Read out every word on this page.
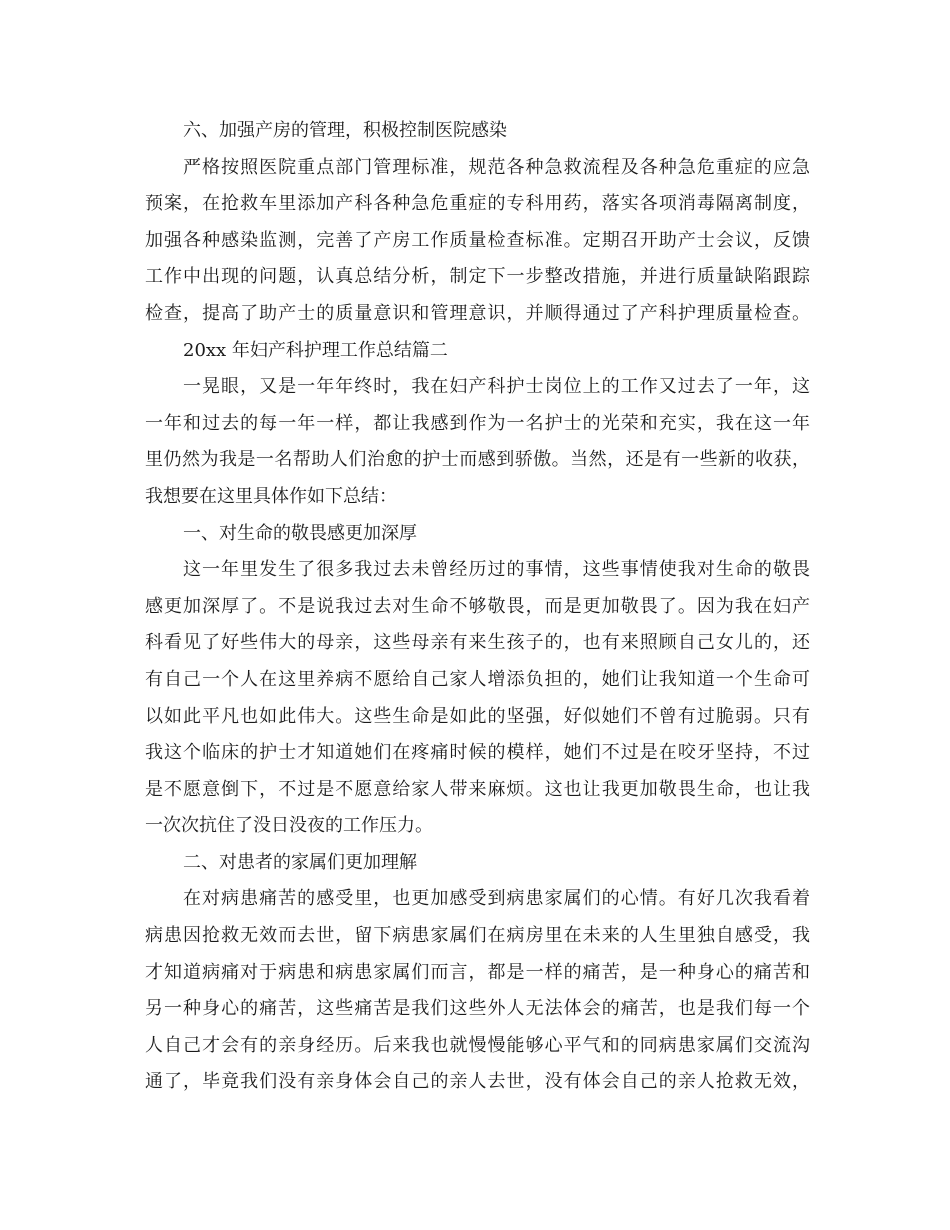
六、加强产房的管理，积极控制医院感染
严格按照医院重点部门管理标准，规范各种急救流程及各种急危重症的应急
预案，在抢救车里添加产科各种急危重症的专科用药，落实各项消毒隔离制度，
加强各种感染监测，完善了产房工作质量检查标准。定期召开助产士会议，反馈
工作中出现的问题，认真总结分析，制定下一步整改措施，并进行质量缺陷跟踪
检查，提高了助产士的质量意识和管理意识，并顺得通过了产科护理质量检查。
20xx 年妇产科护理工作总结篇二
一晃眼，又是一年年终时，我在妇产科护士岗位上的工作又过去了一年，这
一年和过去的每一年一样，都让我感到作为一名护士的光荣和充实，我在这一年
里仍然为我是一名帮助人们治愈的护士而感到骄傲。当然，还是有一些新的收获，
我想要在这里具体作如下总结：
一、对生命的敬畏感更加深厚
这一年里发生了很多我过去未曾经历过的事情，这些事情使我对生命的敬畏
感更加深厚了。不是说我过去对生命不够敬畏，而是更加敬畏了。因为我在妇产
科看见了好些伟大的母亲，这些母亲有来生孩子的，也有来照顾自己女儿的，还
有自己一个人在这里养病不愿给自己家人增添负担的，她们让我知道一个生命可
以如此平凡也如此伟大。这些生命是如此的坚强，好似她们不曾有过脆弱。只有
我这个临床的护士才知道她们在疼痛时候的模样，她们不过是在咬牙坚持，不过
是不愿意倒下，不过是不愿意给家人带来麻烦。这也让我更加敬畏生命，也让我
一次次抗住了没日没夜的工作压力。
二、对患者的家属们更加理解
在对病患痛苦的感受里，也更加感受到病患家属们的心情。有好几次我看着
病患因抢救无效而去世，留下病患家属们在病房里在未来的人生里独自感受，我
才知道病痛对于病患和病患家属们而言，都是一样的痛苦，是一种身心的痛苦和
另一种身心的痛苦，这些痛苦是我们这些外人无法体会的痛苦，也是我们每一个
人自己才会有的亲身经历。后来我也就慢慢能够心平气和的同病患家属们交流沟
通了，毕竟我们没有亲身体会自己的亲人去世，没有体会自己的亲人抢救无效，
